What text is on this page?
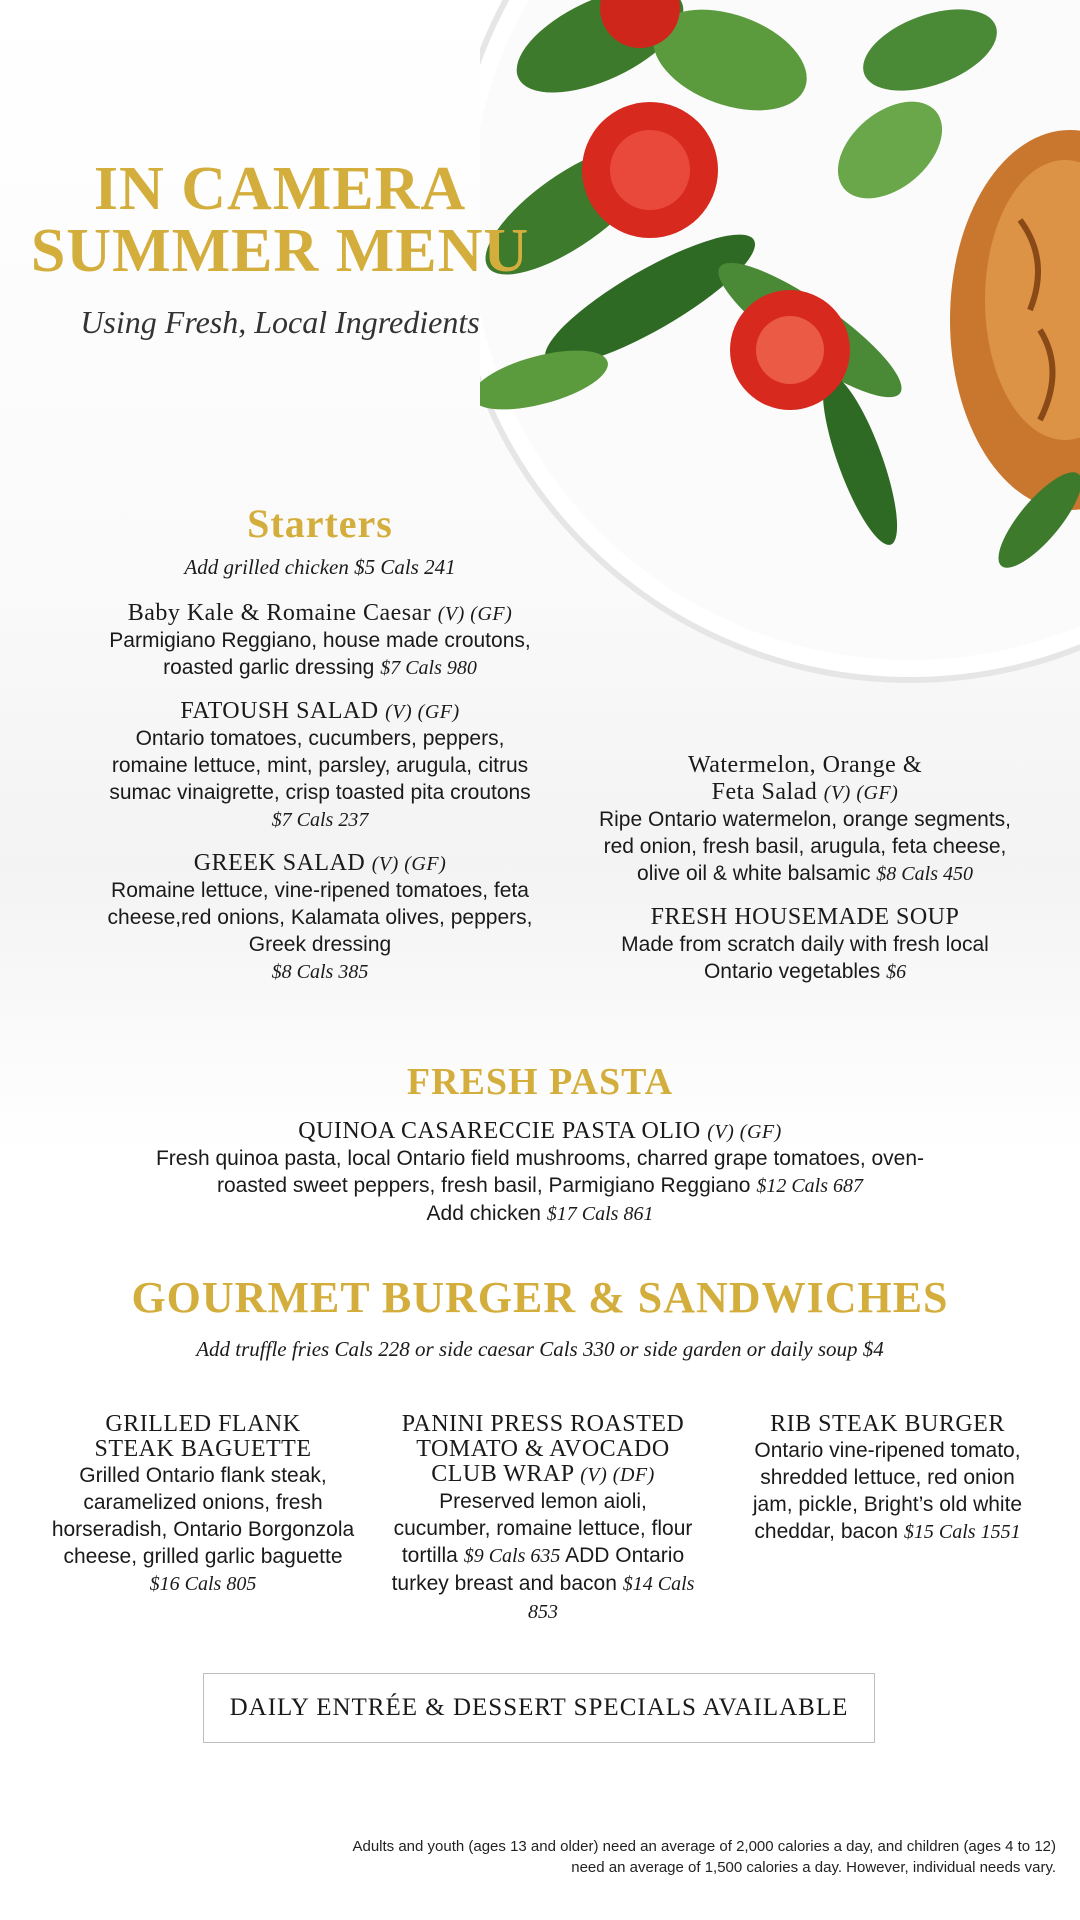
IN CAMERA
SUMMER MENU
Using Fresh, Local Ingredients
Starters
Add grilled chicken $5 Cals 241

Baby Kale & Romaine Caesar (V) (GF)

Parmigiano Reggiano, house made croutons, roasted garlic dressing $7 Cals 980

FATOUSH SALAD (V) (GF)

Ontario tomatoes, cucumbers, peppers, romaine lettuce, mint, parsley, arugula, citrus sumac vinaigrette, crisp toasted pita croutons $7 Cals 237

GREEK SALAD (V) (GF)

Romaine lettuce, vine-ripened tomatoes, feta cheese,red onions, Kalamata olives, peppers, Greek dressing
$8 Cals 385

Watermelon, Orange &

Feta Salad (V) (GF)

Ripe Ontario watermelon, orange segments, red onion, fresh basil, arugula, feta cheese, olive oil & white balsamic $8 Cals 450

FRESH HOUSEMADE SOUP

Made from scratch daily with fresh local Ontario vegetables $6

FRESH PASTA

QUINOA CASARECCIE PASTA OLIO (V) (GF)

Fresh quinoa pasta, local Ontario field mushrooms, charred grape tomatoes, oven-

roasted sweet peppers, fresh basil, Parmigiano Reggiano $12 Cals 687

Add chicken $17 Cals 861

GOURMET BURGER & SANDWICHES

Add truffle fries Cals 228 or side caesar Cals 330 or side garden or daily soup $4

GRILLED FLANK

STEAK BAGUETTE

Grilled Ontario flank steak, caramelized onions, fresh horseradish, Ontario Borgonzola cheese, grilled garlic baguette

$16 Cals 805

PANINI PRESS ROASTED

TOMATO & AVOCADO

CLUB WRAP (V) (DF)

Preserved lemon aioli, cucumber, romaine lettuce, flour tortilla $9 Cals 635 ADD Ontario turkey breast and bacon $14 Cals 853

RIB STEAK BURGER

Ontario vine-ripened tomato, shredded lettuce, red onion jam, pickle, Bright’s old white cheddar, bacon $15 Cals 1551

DAILY ENTRÉE & DESSERT SPECIALS AVAILABLE
Adults and youth (ages 13 and older) need an average of 2,000 calories a day, and children (ages 4 to 12)
need an average of 1,500 calories a day. However, individual needs vary.
